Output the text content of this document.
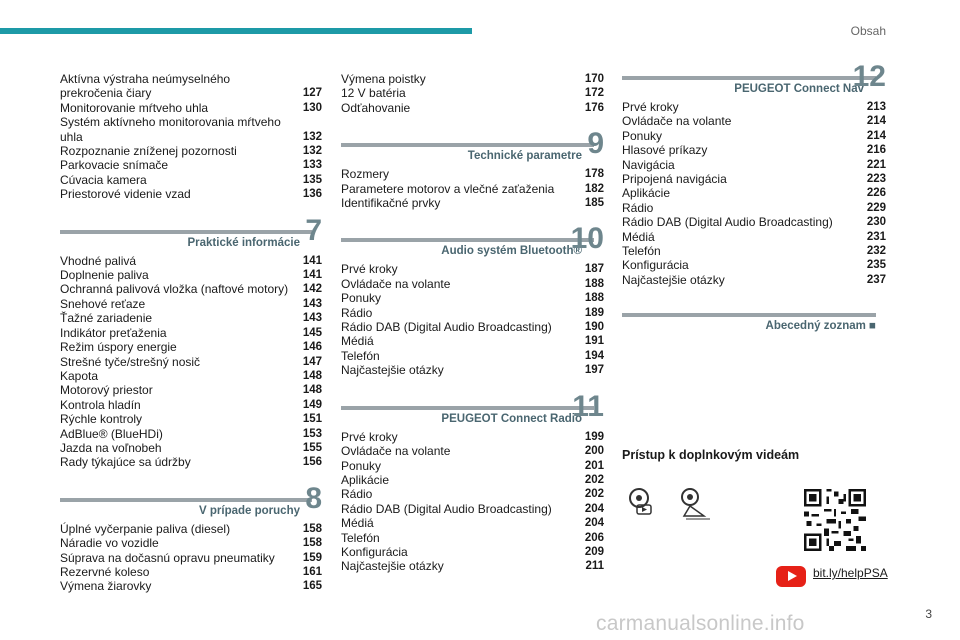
Obsah
Aktívna výstraha neúmyselného prekročenia čiary	127
Monitorovanie mŕtveho uhla	130
Systém aktívneho monitorovania mŕtveho uhla	132
Rozpoznanie zníženej pozornosti	132
Parkovacie snímače	133
Cúvacia kamera	135
Priestorové videnie vzad	136
Praktické informácie 7
Vhodné palivá	141
Doplnenie paliva	141
Ochranná palivová vložka (naftové motory)	142
Snehové reťaze	143
Ťažné zariadenie	143
Indikátor preťaženia	145
Režim úspory energie	146
Strešné tyče/strešný nosič	147
Kapota	148
Motorový priestor	148
Kontrola hladín	149
Rýchle kontroly	151
AdBlue® (BlueHDi)	153
Jazda na voľnobeh	155
Rady týkajúce sa údržby	156
V prípade poruchy 8
Úplné vyčerpanie paliva (diesel)	158
Náradie vo vozidle	158
Súprava na dočasnú opravu pneumatiky	159
Rezervné koleso	161
Výmena žiarovky	165
Výmena poistky	170
12 V batéria	172
Odťahovanie	176
Technické parametre 9
Rozmery	178
Parametere motorov a vlečné zaťaženia	182
Identifikačné prvky	185
Audio systém Bluetooth®
10
Prvé kroky	187
Ovládače na volante	188
Ponuky	188
Rádio	189
Rádio DAB (Digital Audio Broadcasting)	190
Médiá	191
Telefón	194
Najčastejšie otázky	197
PEUGEOT Connect Radio
11
Prvé kroky	199
Ovládače na volante	200
Ponuky	201
Aplikácie	202
Rádio	202
Rádio DAB (Digital Audio Broadcasting)	204
Médiá	204
Telefón	206
Konfigurácia	209
Najčastejšie otázky	211
PEUGEOT Connect Nav
12
Prvé kroky	213
Ovládače na volante	214
Ponuky	214
Hlasové príkazy	216
Navigácia	221
Pripojená navigácia	223
Aplikácie	226
Rádio	229
Rádio DAB (Digital Audio Broadcasting)	230
Médiá	231
Telefón	232
Konfigurácia	235
Najčastejšie otázky	237
Abecedný zoznam ■
Prístup k doplnkovým videám
bit.ly/helpPSA
3
carmanualsonline.info
